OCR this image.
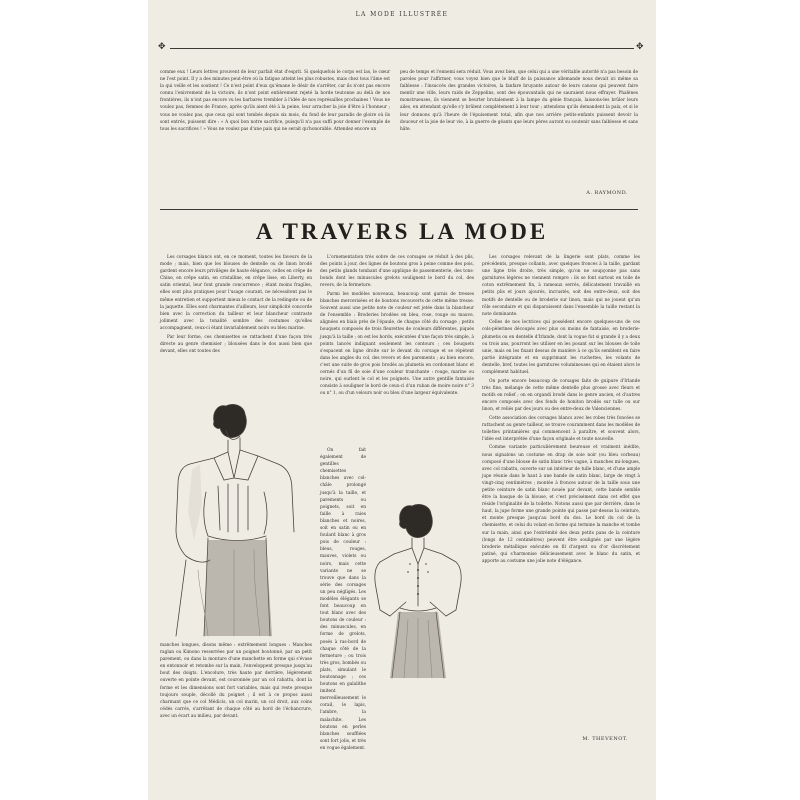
LA MODE ILLUSTRÉE
✥	✥

comme eux ! Leurs lettres prouvent de leur parfait état d'esprit. Si quelquefois le corps est las, le cœur ne l'est point. Il y a des minutes peut-être où la fatigue atteint les plus robustes, mais chez tous l'âme est la qui veille et les soutient ! Ce n'est point d'eux qu'émane le désir de s'arrêter, car ils n'ont pas encore connu l'enivrement de la victoire, ils n'ont point entièrement rejeté la horde teutonne au delà de nos frontières, ils n'ont pas encore vu les barbares trembler à l'idée de nos représailles prochaines ! Vous ne voulez pas, femmes de France, après qu'ils aient été à la peine, leur arracher la joie d'être à l'honneur ; vous ne voulez pas, que ceux qui sont tombés depuis six mois, du fond de leur paradis de gloire où ils sont entrés, puissent dire : « A quoi bon notre sacrifice, puisqu'il n'a pas suffi pour donner l'exemple de tous les sacrifices ! » Vous ne voulez pas d'une paix qui ne serait qu'honorable. Attendez encore un

peu de temps et l'ennemi sera réduit. Vous avez bien, que celui qui a une véritable autorité n'a pas besoin de paroles pour l'affirmer, vous voyez bien que le bluff de la puissance allemande nous devait ici même sa faiblesse : l'insuccès des grandes victoires, la fanfare bruyante autour de leurs canons qui peuvent faire mentir une ville, leurs raids de Zeppelins, sont des épouvantails qui ne sauraient nous effrayer. Phalènes monstrueuses, ils viennent se heurter brutalement à la lampe du génie français, laissons-les brûler leurs ailes, en attendant qu'elle s'y brûlent complètement à leur tour ; attendons qu'ils demandent la paix, et si le leur donnons qu'à l'heure de l'épuisement total, afin que nos arrière petits-enfants puissent devoir la douceur et la joie de leur vie, à la guerre de géants que leurs pères auront su soutenir sans faiblesse et sans hâte.

A. RAYMOND.
A TRAVERS LA MODE

Les corsages blancs ont, en ce moment, toutes les faveurs de la mode ; mais, bien que les blouses de dentelle ou de linon brodé gardent encore leurs privilèges de haute élégance, celles en crêpe de Chine, en crêpe satin, en cristalline, en crêpe lisse, en Liberty, en satin oriental, leur font grande concurrence ; étant moins fragiles, elles sont plus pratiques pour l'usage courant, ne nécessitent pas le même entretien et supportent mieux le contact de la redingote ou de la jaquette. Elles sont charmantes d'ailleurs, leur simplicité concorde bien avec la correction du tailleur et leur blancheur contraste joliment avec la tonalité sombre des costumes qu'elles accompagnent, ceux-ci étant invariablement noirs ou bleu marine.

Par leur forme, ces chemisettes se rattachent d'une façon très directe au genre chemisier ; blousées dans le dos aussi bien que devant, elles ont toutes des

manches longues, disons même : extrêmement longues : Manches raglan ou Kimono resserrées par un poignet boutonné, par un petit parement, ou dans la monture d'une manchette en forme qui s'évase en entonnoir et retombe sur la main, l'enveloppent presque jusqu'au bout des doigts. L'encolure, très haute par derrière, légèrement ouverte en pointe devant, est couronnée par un col rabattu, dont la forme et les dimensions sont fort variables, mais qui reste presque toujours souple, décollé du poignet ; il est à ce propos aussi charmant que ce col Médicis, un col marin, un col droit, aux coins cédés carrés, s'arrêtant de chaque côté au bord de l'échancrure, avec un écart au milieu, par devant.

L'ornementation très sobre de ces corsages se réduit à des plis, des points à jour, des lignes de boutons gros à peine comme des pois, des petits glands tombant d'une applique de passementerie, des tons-bonds dont les minuscules grelots soulignent le bord du col, des revers, de la fermeture.

Parmi les modèles nouveaux, beaucoup sont garnis de tresses blanches mercerisées et de boutons recouverts de cette même tresse. Souvent aussi une petite note de couleur est jetée dans la blancheur de l'ensemble : Broderies brodées en bleu, rose, rouge ou mauve, alignées en biais près de l'épaule, de chaque côté du corsage ; petits bouquets composés de trois fleurettes de couleurs différentes, piqués jusqu'à la taille ; on est les bords, exécutées d'une façon très simple, à points lancés indiquant seulement les contours ; ces bouquets s'espacent en ligne droite sur le devant du corsage et se répètent dans les angles du col, des revers et des parements ; au bien encore, c'est une suite de gros pois brodés au plumetis en cordonnet blanc et cernés d'un fil de soie d'une couleur tranchante : rouge, marine ou noire, qui ourlent le col et les poignets. Une autre gentille fantaisie consiste à souligner le bord de ceux-ci d'un ruban de moire noire n° 3 ou n° 1, ou d'un velours noir ou bleu d'une largeur équivalente.

On fait également de gentilles chemisettes blanches avec col-châle prolongé jusqu'à la taille, et parements ou poignets, soit en faille à raies blanches et noires, soit en satin ou en foulard blanc à gros pois de couleur : bleus, rouges, mauves, violets ou noirs, mais cette variante ne se trouve que dans la série des corsages un peu négligés. Les modèles élégants se font beaucoup en tout blanc avec des boutons de couleur : des minuscules, en forme de grelots, posés à ras-bord de chaque côté de la fermeture ; ou trois très gros, bombés ou plats, simulant le boutonnage ; ces boutons en galalithe imitent merveilleusement le corail, le lapis, l'ambre, la malachite. Les boutons en perles blanches soufflées sont fort jolis, et très en vogue également.

Les corsages relevant de la lingerie sont plats, comme les précédents, presque collants, avec quelques fronces à la taille, gardant une ligne très droite, très simple, qu'on ne soupçonne pas sans garnitures légères ne viennent rompre : ils se font surtout en toile de coton extrêmement fin, à rameaux serrés, délicatement travaillé en petits plis et jours ajourés, incrustés, soit des entre-deux, soit des motifs de dentelle ou de broderie sur linon, mais qui ne jouent qu'un rôle secondaire et qui disparaissent dans l'ensemble la taille restant la note dominante.

Celles de nos lectrices qui possèdent encore quelques-uns de ces cols-pèlerines découpés avec plus ou moins de fantaisie, en broderie-plumetis ou en dentelle d'Irlande, dont la vogue fut si grande il y a deux ou trois ans, pourront les utiliser en les posant sur les blouses de toile unie, mais en les fixant dessus de manière à ce qu'ils semblent en faire partie intégrante et en supprimant les ruchettes, les volants de dentelle, bref, toutes les garnitures volumineuses qui en étaient alors le complément habituel.

On porte encore beaucoup de corsages faits de guipure d'Irlande très fine, mélange de cette même dentelle plus grosse avec fleurs et motifs en relief ; on en organdi brodé dans le genre ancien, et d'autres encore composés avec des fonds de honiton brodés sur tulle ou sur linon, et reliés par des jours ou des entre-deux de Valenciennes.

Cette association des corsages blancs avec les robes très foncées se rattachent au genre tailleur, se trouve couramment dans les modèles de toilettes printanières qui commencent à paraître, et souvent alors, l'idée est interprétée d'une façon originale et toute nouvelle.

Comme variante particulièrement heureuse et vraiment inédite, nous signalons un costume en drap de soie noir (ou bleu corbeau) composé d'une blouse de satin blanc très vague, à manches mi-longues, avec col rabattu, ouverte sur un intérieur de tulle blanc, et d'une ample jupe réunie dans le haut à une bande de satin blanc, large de vingt à vingt-cinq centimètres ; montée à fronces autour de la taille sous une petite ceinture de satin blanc nouée par devant, cette bande semble être la basque de la blouse, et c'est précisément dans cet effet que réside l'originalité de la toilette. Notons aussi que par derrière, dans le haut, la jupe forme une grande pointe qui passe par-dessus la ceinture, et monte presque jusqu'au bord du dos. Le bord du col de la chemisette, et celui du volant en forme qui termine la manche et tombe sur la main, ainsi que l'extrémité des deux petits pans de la ceinture (longs de 12 centimètres) peuvent être soulignés par une légère broderie métallique exécutée en fil d'argent ou d'or discrètement patiné, qui s'harmonise délicieusement avec le blanc du satin, et apporte au costume une jolie note d'élégance.

M. THEVENOT.
